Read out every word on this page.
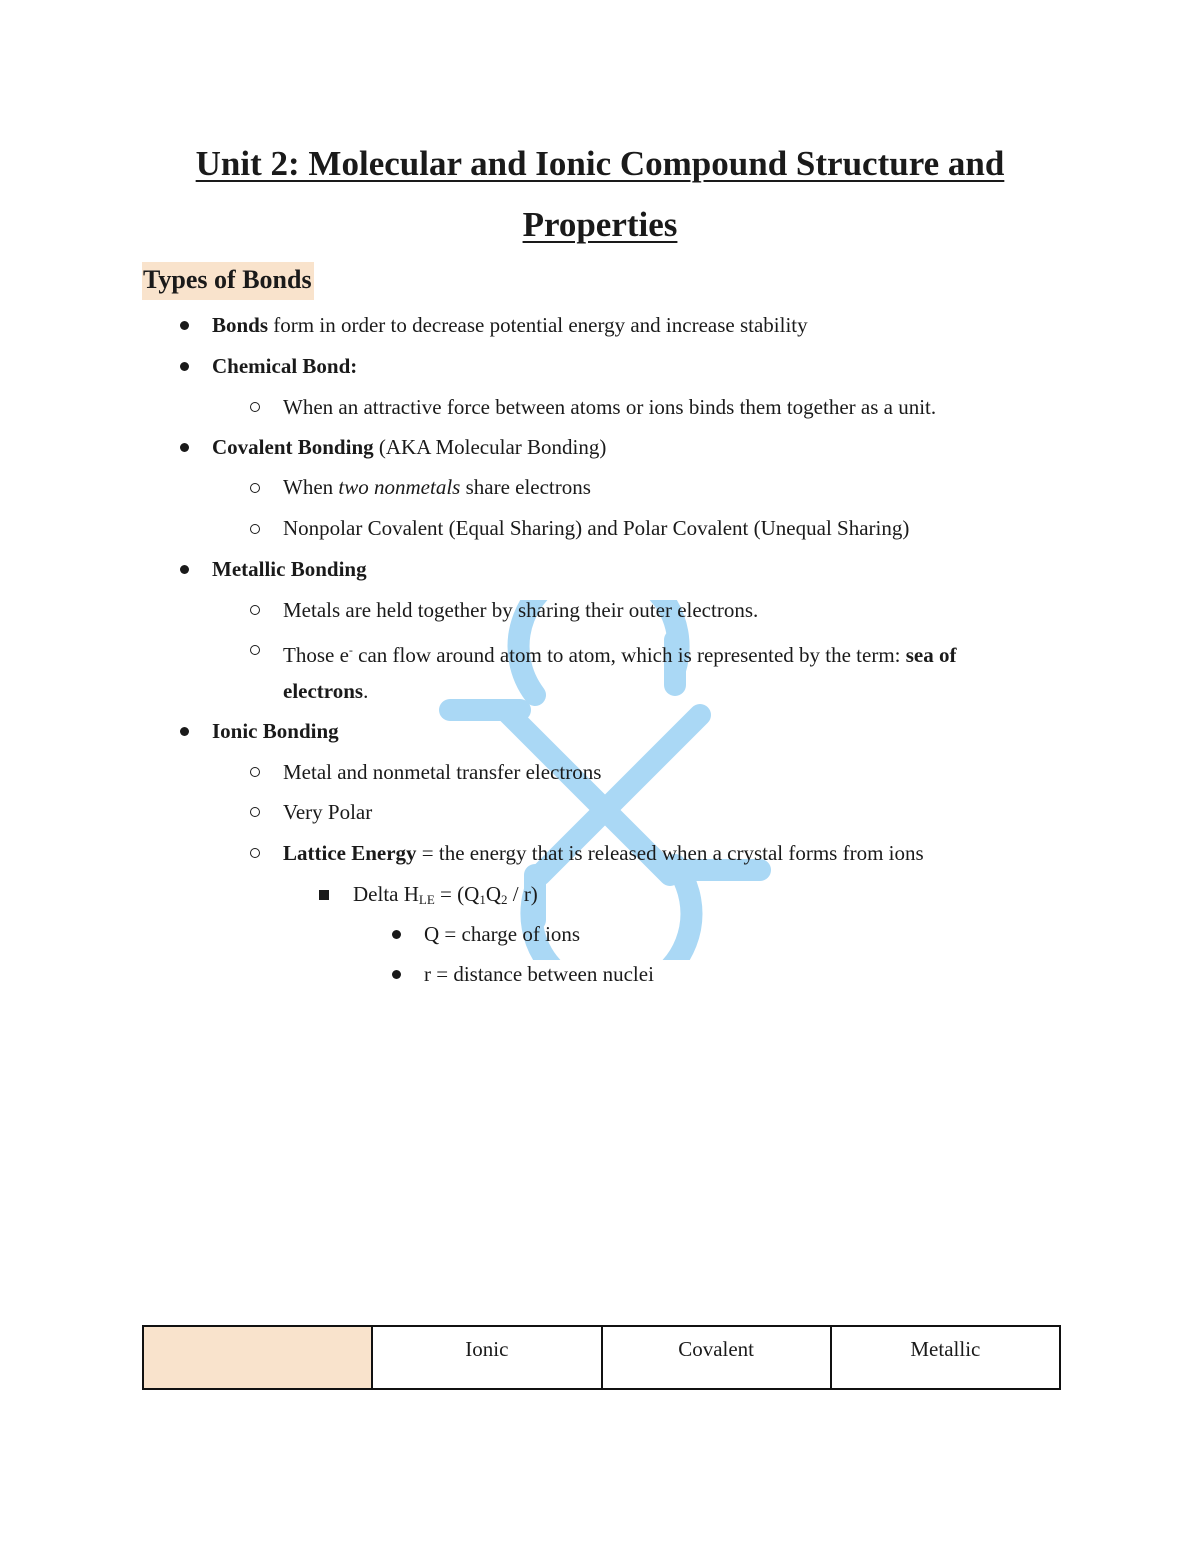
Unit 2: Molecular and Ionic Compound Structure and
Properties
Types of Bonds
Bonds form in order to decrease potential energy and increase stability
Chemical Bond:
When an attractive force between atoms or ions binds them together as a unit.
Covalent Bonding (AKA Molecular Bonding)
When two nonmetals share electrons
Nonpolar Covalent (Equal Sharing) and Polar Covalent (Unequal Sharing)
Metallic Bonding
Metals are held together by sharing their outer electrons.
Those e- can flow around atom to atom, which is represented by the term: sea of
electrons.
Ionic Bonding
Metal and nonmetal transfer electrons
Very Polar
Lattice Energy = the energy that is released when a crystal forms from ions
Delta $H_{LE} = (Q_1Q_2 / r)$
Q = charge of ions
r = distance between nuclei
	Ionic	Covalent	Metallic
